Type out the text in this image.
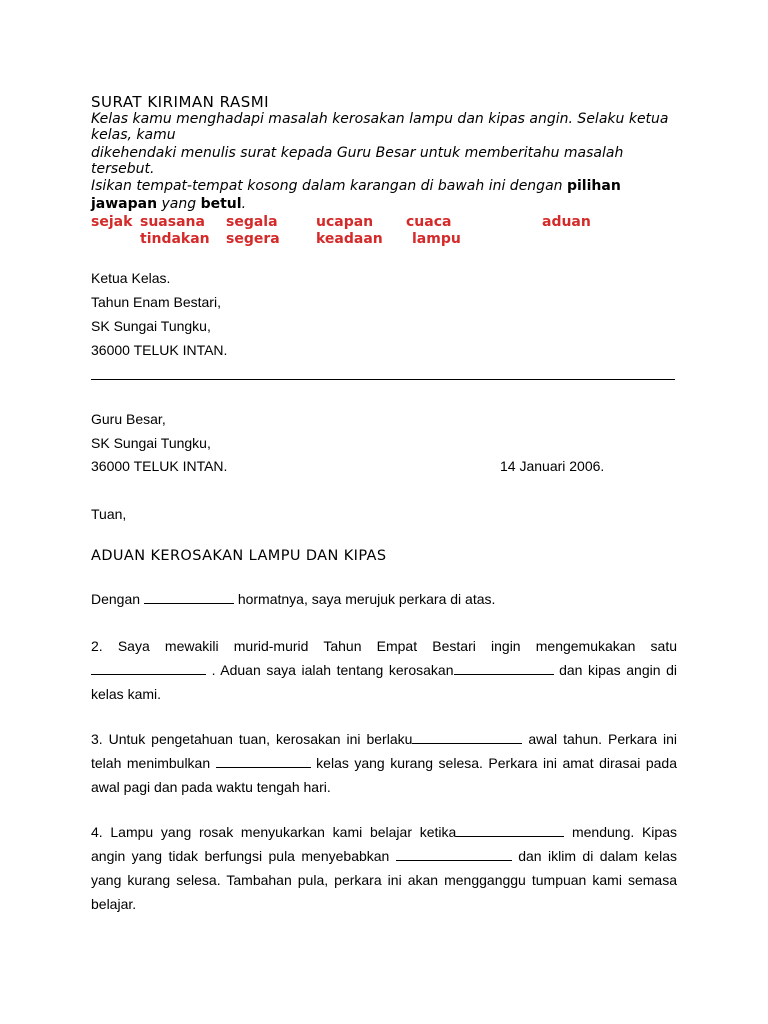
SURAT KIRIMAN RASMI
Kelas kamu menghadapi masalah kerosakan lampu dan kipas angin. Selaku ketua
kelas, kamu
dikehendaki menulis surat kepada Guru Besar untuk memberitahu masalah
tersebut.
Isikan tempat-tempat kosong dalam karangan di bawah ini dengan pilihan
jawapan yang betul.
sejak suasana segala	ucapan cuaca	aduan
tindakan segera	keadaan lampu
Ketua Kelas.
Tahun Enam Bestari,
SK Sungai Tungku,
36000 TELUK INTAN.
Guru Besar,
SK Sungai Tungku,
36000 TELUK INTAN.	14 Januari 2006.
Tuan,
ADUAN KEROSAKAN LAMPU DAN KIPAS
Dengan	hormatnya, saya merujuk perkara di atas.
2. Saya mewakili murid-murid Tahun Empat Bestari ingin mengemukakan satu  . Aduan saya ialah tentang kerosakan	dan kipas angin di kelas kami.
3. Untuk pengetahuan tuan, kerosakan ini berlaku	awal tahun. Perkara ini telah menimbulkan	kelas yang kurang selesa. Perkara ini amat dirasai pada awal pagi dan pada waktu tengah hari.
4. Lampu yang rosak menyukarkan kami belajar ketika	mendung. Kipas angin yang tidak berfungsi pula menyebabkan	dan iklim di dalam kelas yang kurang selesa. Tambahan pula, perkara ini akan mengganggu tumpuan kami semasa belajar.
